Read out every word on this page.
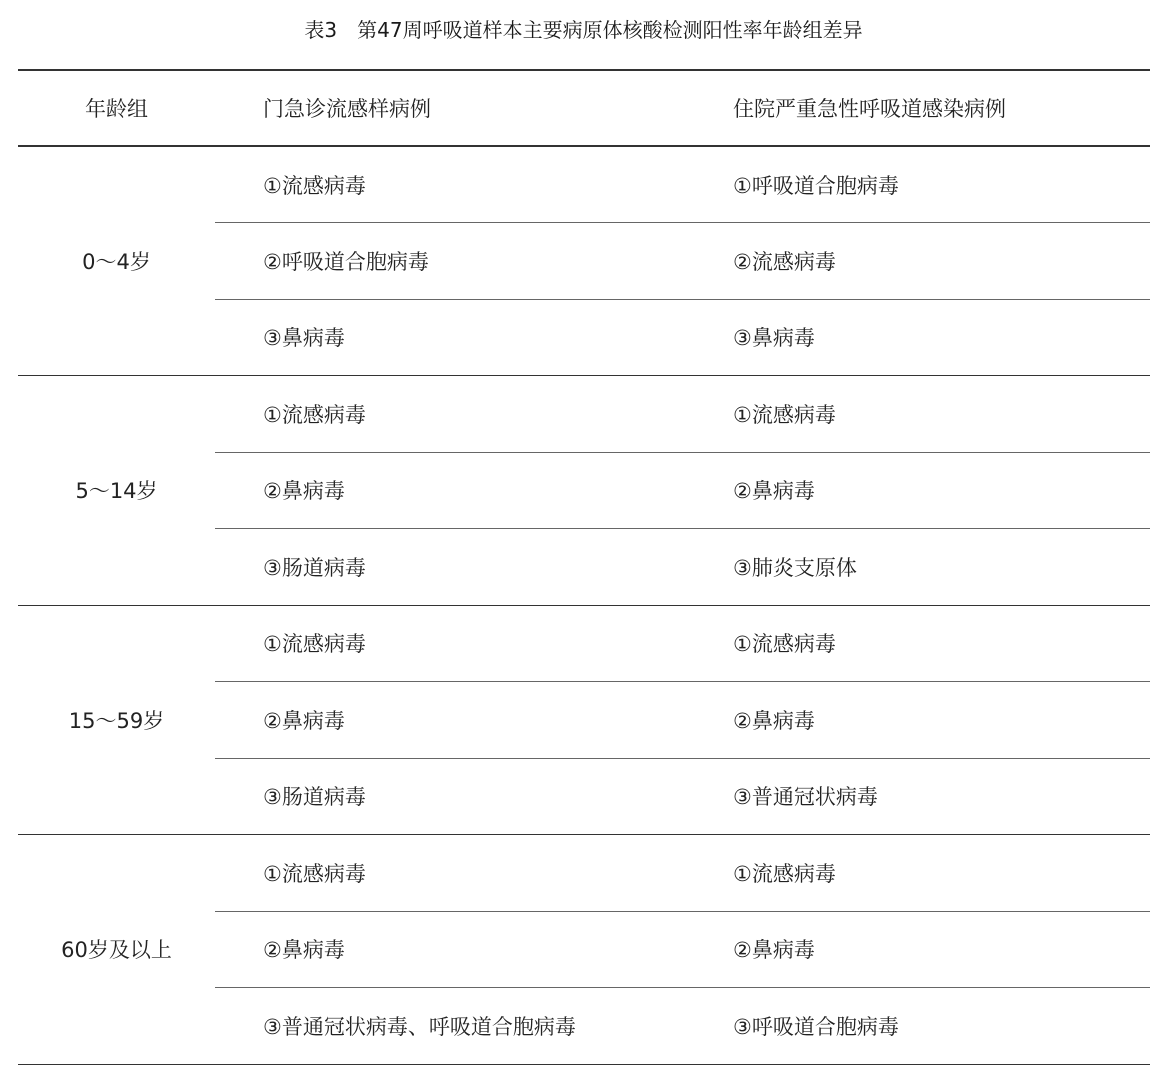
表3　第47周呼吸道样本主要病原体核酸检测阳性率年龄组差异
年龄组	门急诊流感样病例	住院严重急性呼吸道感染病例
0～4岁	①流感病毒	①呼吸道合胞病毒
	②呼吸道合胞病毒	②流感病毒
	③鼻病毒	③鼻病毒
5～14岁	①流感病毒	①流感病毒
	②鼻病毒	②鼻病毒
	③肠道病毒	③肺炎支原体
15～59岁	①流感病毒	①流感病毒
	②鼻病毒	②鼻病毒
	③肠道病毒	③普通冠状病毒
60岁及以上	①流感病毒	①流感病毒
	②鼻病毒	②鼻病毒
	③普通冠状病毒、呼吸道合胞病毒	③呼吸道合胞病毒
